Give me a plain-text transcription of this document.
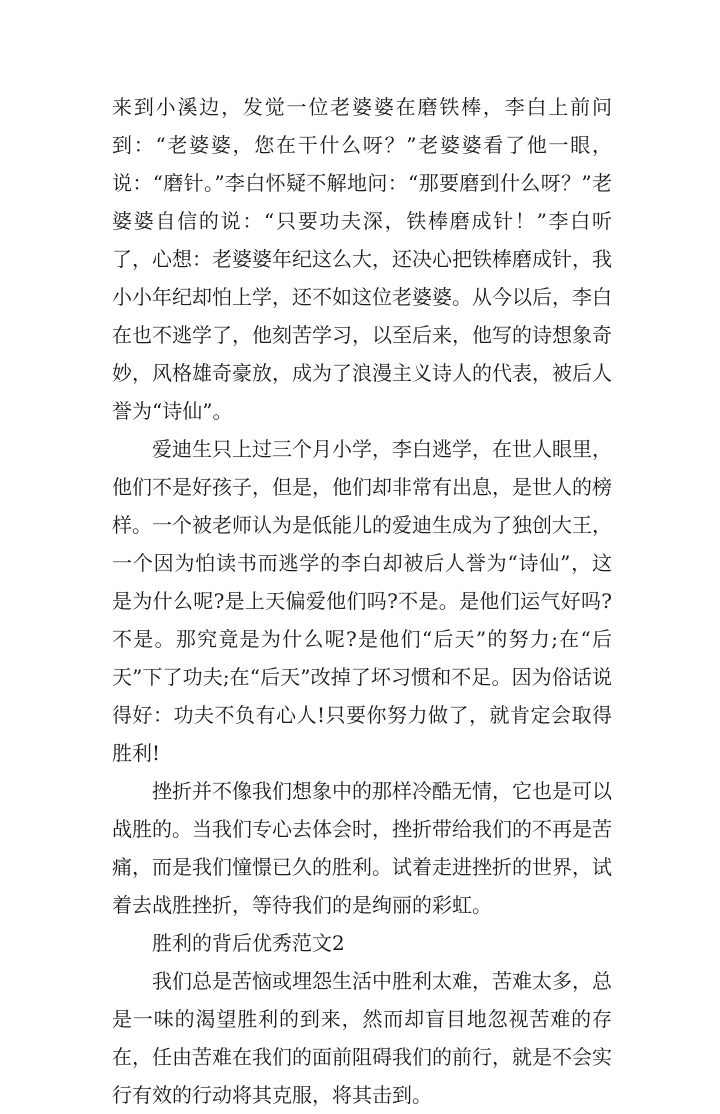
来到小溪边，发觉一位老婆婆在磨铁棒，李白上前问到：“老婆婆，您在干什么呀？”老婆婆看了他一眼，说：“磨针。”李白怀疑不解地问：“那要磨到什么呀？”老婆婆自信的说：“只要功夫深，铁棒磨成针！”李白听了，心想：老婆婆年纪这么大，还决心把铁棒磨成针，我小小年纪却怕上学，还不如这位老婆婆。从今以后，李白在也不逃学了，他刻苦学习，以至后来，他写的诗想象奇妙，风格雄奇豪放，成为了浪漫主义诗人的代表，被后人誉为“诗仙”。

爱迪生只上过三个月小学，李白逃学，在世人眼里，他们不是好孩子，但是，他们却非常有出息，是世人的榜样。一个被老师认为是低能儿的爱迪生成为了独创大王，一个因为怕读书而逃学的李白却被后人誉为“诗仙”，这是为什么呢?是上天偏爱他们吗?不是。是他们运气好吗?不是。那究竟是为什么呢?是他们“后天”的努力;在“后天”下了功夫;在“后天”改掉了坏习惯和不足。因为俗话说得好：功夫不负有心人!只要你努力做了，就肯定会取得胜利!

挫折并不像我们想象中的那样冷酷无情，它也是可以战胜的。当我们专心去体会时，挫折带给我们的不再是苦痛，而是我们憧憬已久的胜利。试着走进挫折的世界，试着去战胜挫折，等待我们的是绚丽的彩虹。

胜利的背后优秀范文2

我们总是苦恼或埋怨生活中胜利太难，苦难太多，总是一味的渴望胜利的到来，然而却盲目地忽视苦难的存在，任由苦难在我们的面前阻碍我们的前行，就是不会实行有效的行动将其克服，将其击到。
